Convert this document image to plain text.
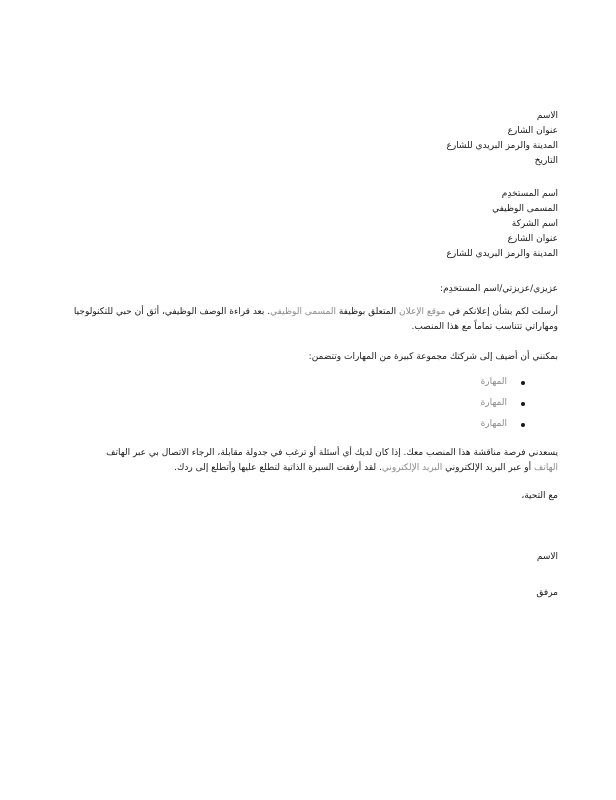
الاسم
عنوان الشارع
المدينة والرمز البريدي للشارع
التاريخ
اسم المستخدِم
المسمى الوظيفي
اسم الشركة
عنوان الشارع
المدينة والرمز البريدي للشارع
عزيزي/عزيزتي/اسم المستخدِم:
أرسلت لكم بشأن إعلانكم في موقع الإعلان المتعلق بوظيفة المسمى الوظيفي. بعد قراءة الوصف الوظيفي، أثق أن حبي للتكنولوجيا
ومهاراتي تتناسب تماماً مع هذا المنصب.
بمكنني أن أضيف إلى شركتك مجموعة كبيرة من المهارات وتتضمن:
المهارة
المهارة
المهارة
يسعدني فرصة مناقشة هذا المنصب معك. إذا كان لديك أي أسئلة أو ترغب في جدولة مقابلة، الرجاء الاتصال بي عبر الهاتف
الهاتف أو عبر البريد الإلكتروني البريد الإلكتروني. لقد أرفقت السيرة الذاتية لتطلع عليها وأتطلع إلى ردك.
مع التحية،
الاسم
مرفق
